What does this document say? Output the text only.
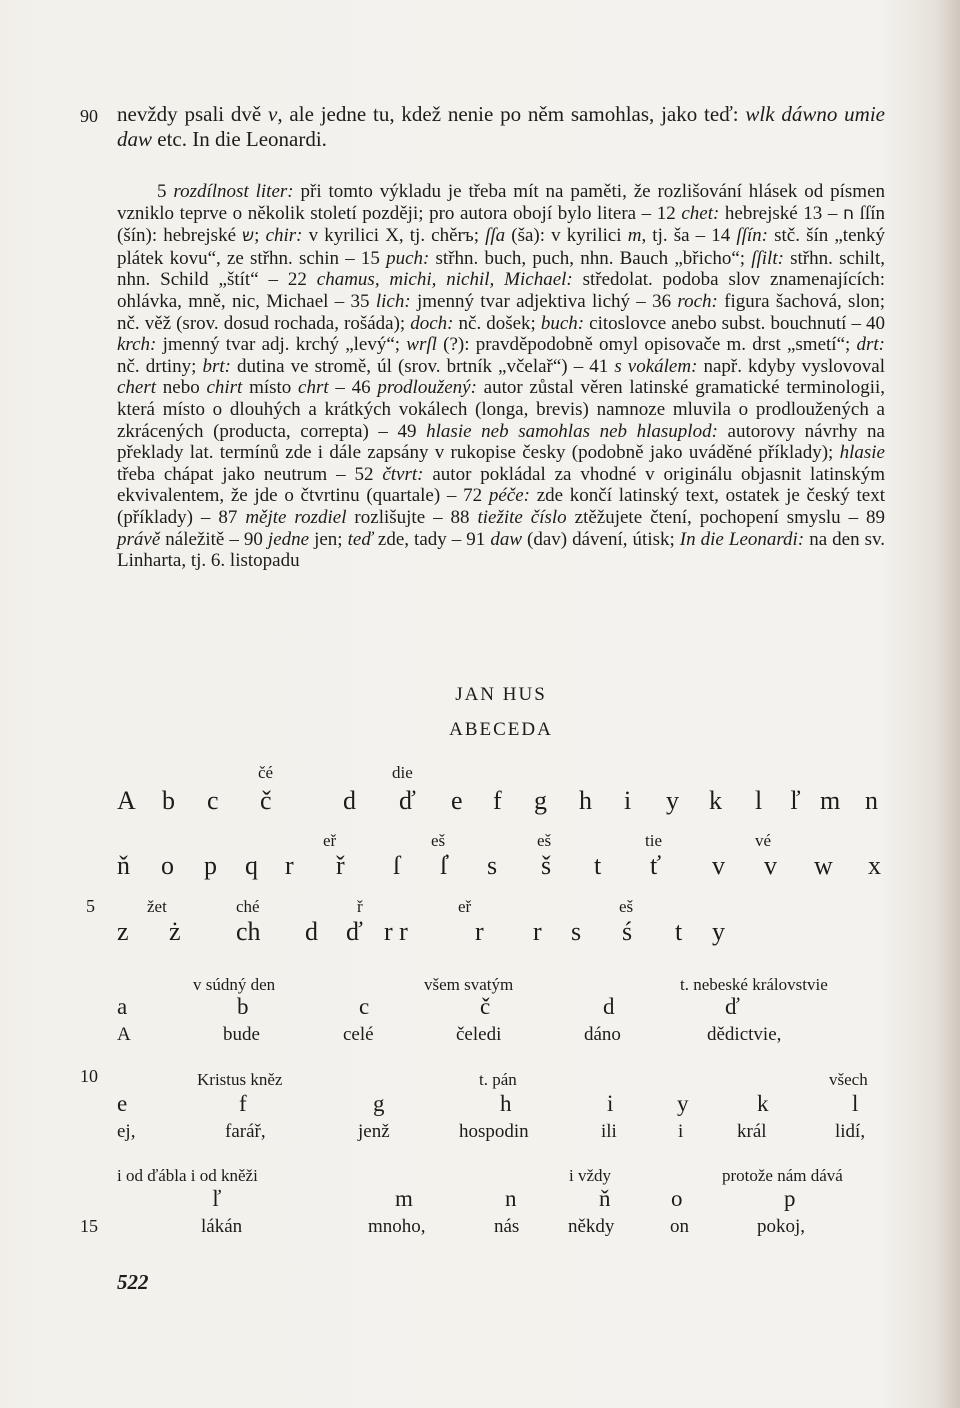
90
5
10
15
nevždy psali dvě v, ale jedne tu, kdež nenie po něm samohlas, jako teď: wlk dáwno umie daw etc. In die Leonardi.

5 rozdílnost liter: při tomto výkladu je třeba mít na paměti, že rozlišování hlásek od písmen vzniklo teprve o několik století později; pro autora obojí bylo litera – 12 chet: hebrejské ח – 13 ſſín (šín): hebrejské ש; chir: v kyrilici X, tj. chěrъ; ſſa (ša): v kyrilici m, tj. ša – 14 ſſín: stč. šín „tenký plátek kovu“, ze střhn. schin – 15 puch: střhn. buch, puch, nhn. Bauch „břicho“; ſſilt: střhn. schilt, nhn. Schild „štít“ – 22 chamus, michi, nichil, Michael: středolat. podoba slov znamenajících: ohlávka, mně, nic, Michael – 35 lich: jmenný tvar adjektiva lichý – 36 roch: figura šachová, slon; nč. věž (srov. dosud rochada, rošáda); doch: nč. došek; buch: citoslovce anebo subst. bouchnutí – 40 krch: jmenný tvar adj. krchý „levý“; wrſl (?): pravděpodobně omyl opisovače m. drst „smetí“; drt: nč. drtiny; brt: dutina ve stromě, úl (srov. brtník „včelař“) – 41 s vokálem: např. kdyby vyslovoval chert nebo chirt místo chrt – 46 prodloužený: autor zůstal věren latinské gramatické terminologii, která místo o dlouhých a krátkých vokálech (longa, brevis) namnoze mluvila o prodloužených a zkrácených (producta, correpta) – 49 hlasie neb samohlas neb hlasuplod: autorovy návrhy na překlady lat. termínů zde i dále zapsány v rukopise česky (podobně jako uváděné příklady); hlasie třeba chápat jako neutrum – 52 čtvrt: autor pokládal za vhodné v originálu objasnit latinským ekvivalentem, že jde o čtvrtinu (quartale) – 72 péče: zde končí latinský text, ostatek je český text (příklady) – 87 mějte rozdiel rozlišujte – 88 tiežite číslo ztěžujete čtení, pochopení smyslu – 89 právě náležitě – 90 jedne jen; teď zde, tady – 91 daw (dav) dávení, útisk; In die Leonardi: na den sv. Linharta, tj. 6. listopadu

JAN HUS
ABECEDA
čé	die
A b c č	d ď e f g h i y k l ľ m n
eř	eš	eš	tie	vé
ň o p q r ř ſ ſ̓ s š t ť v v w x
žet	ché	ř	eř	eš
z ż ch d ď r r	r r s ś t y
v súdný den	všem svatým	t. nebeské královstvie
a	b	c	č	d	ď
A	bude	celé	čeledi	dáno	dědictvie,
Kristus kněz	t. pán	všech
e	f	g	h	i	y	k	l
ej,	farář,	jenž	hospodin	ili	i	král	lidí,
i od ďábla i od kněži	i vždy	protože nám dává
ľ	m	n	ň	o	p
lákán	mnoho,	nás	někdy	on	pokoj,
522
